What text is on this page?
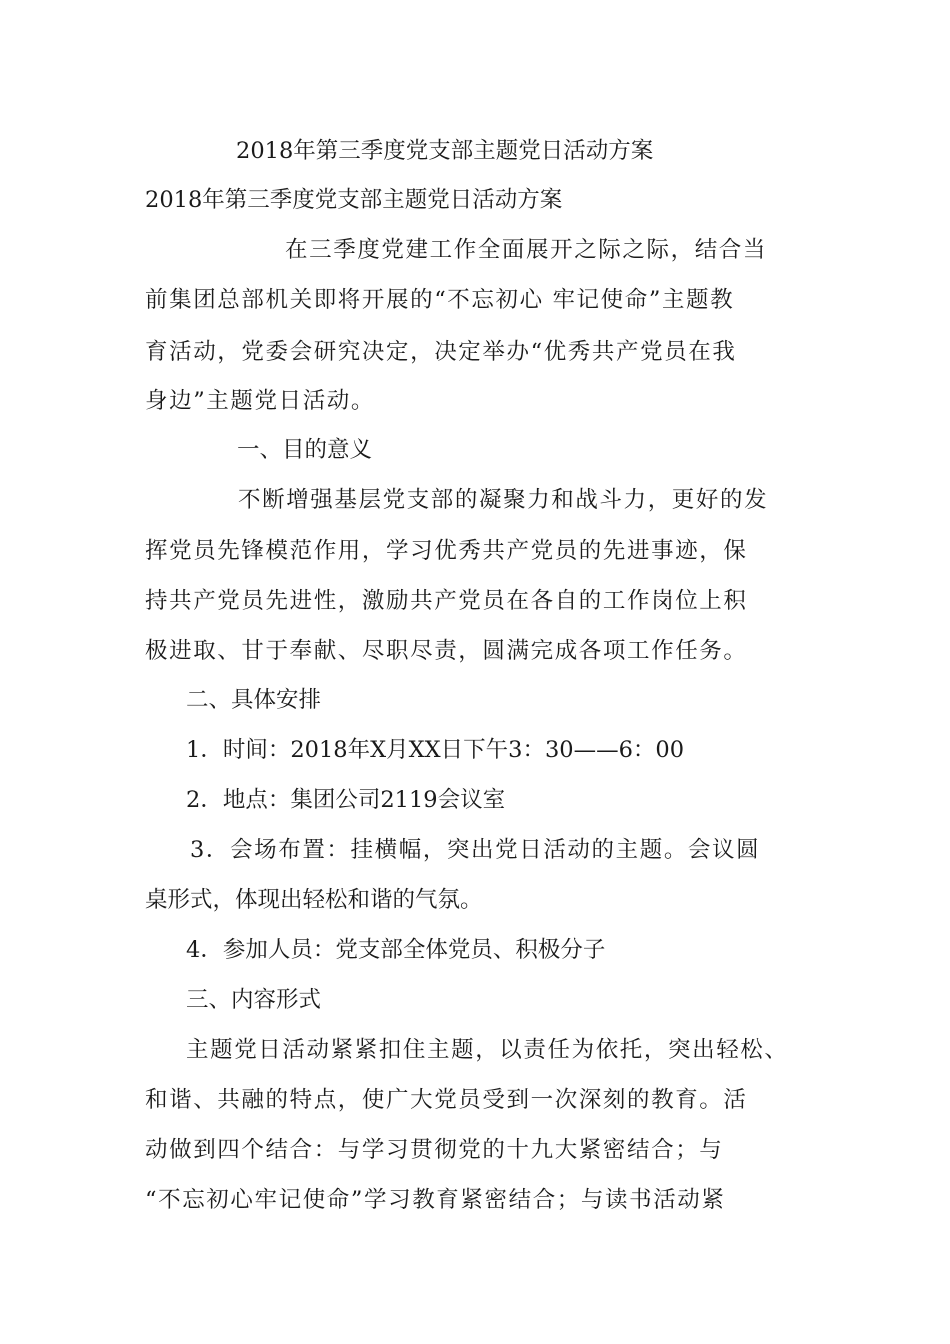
2018年第三季度党支部主题党日活动方案
2018年第三季度党支部主题党日活动方案
在三季度党建工作全面展开之际之际，结合当
前集团总部机关即将开展的“不忘初心 牢记使命”主题教
育活动，党委会研究决定，决定举办“优秀共产党员在我
身边”主题党日活动。
一、目的意义
不断增强基层党支部的凝聚力和战斗力，更好的发
挥党员先锋模范作用，学习优秀共产党员的先进事迹，保
持共产党员先进性，激励共产党员在各自的工作岗位上积
极进取、甘于奉献、尽职尽责，圆满完成各项工作任务。
二、具体安排
1．时间：2018年X月XX日下午3：30——6：00
2．地点：集团公司2119会议室
3．会场布置：挂横幅，突出党日活动的主题。会议圆
桌形式，体现出轻松和谐的气氛。
4．参加人员：党支部全体党员、积极分子
三、内容形式
主题党日活动紧紧扣住主题，以责任为依托，突出轻松、
和谐、共融的特点，使广大党员受到一次深刻的教育。活
动做到四个结合：与学习贯彻党的十九大紧密结合；与
“不忘初心牢记使命”学习教育紧密结合；与读书活动紧
